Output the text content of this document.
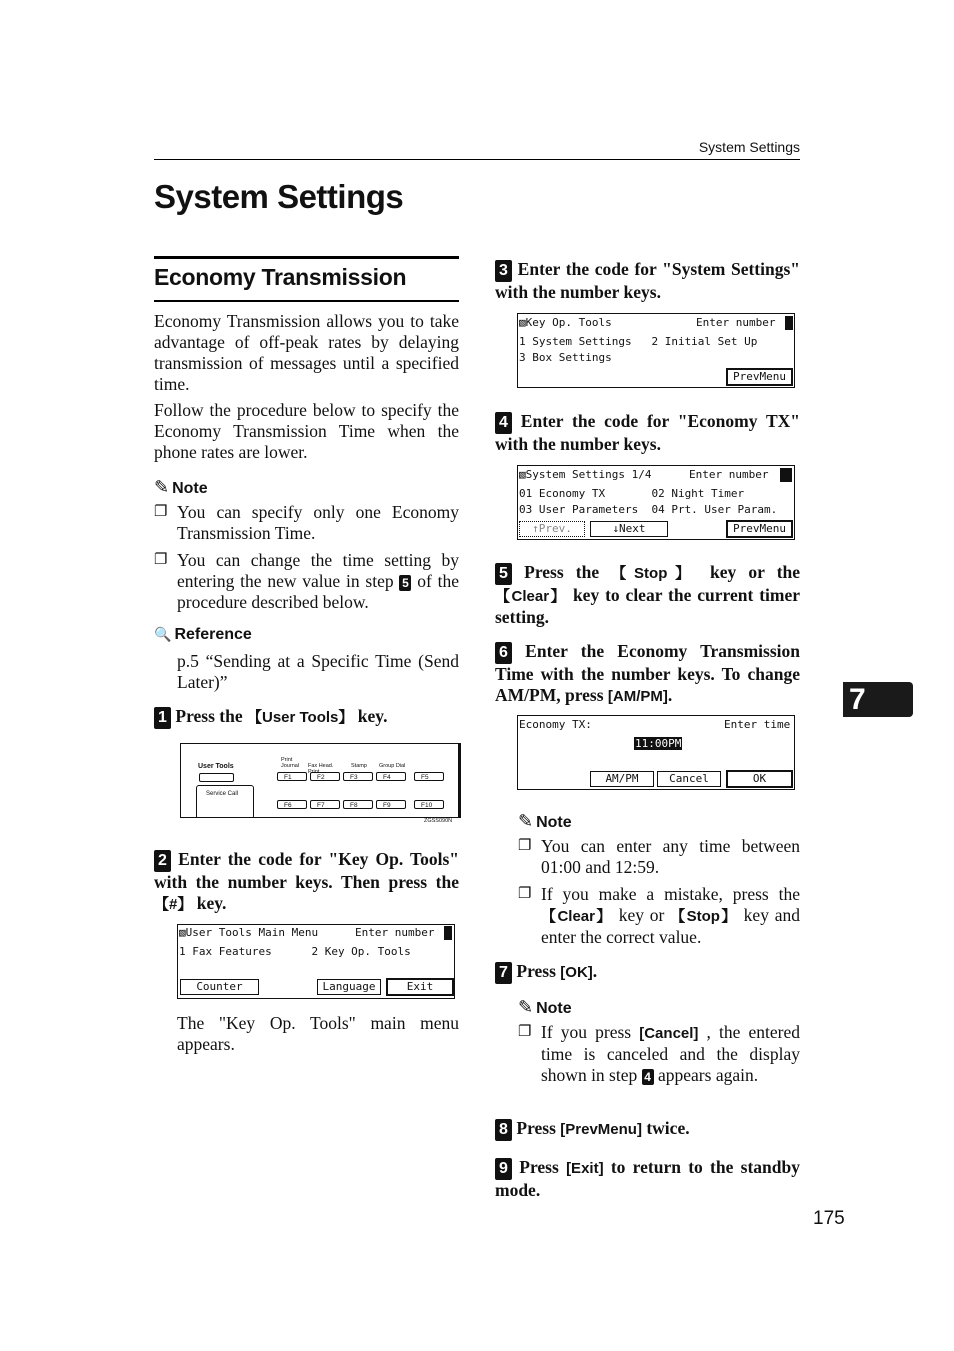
System Settings
System Settings
Economy Transmission
Economy Transmission allows you to take advantage of off-peak rates by delaying transmission of messages until a specified time.
Follow the procedure below to specify the Economy Transmission Time when the phone rates are lower.
✎ Note
❐ You can specify only one Economy Transmission Time.
❐ You can change the time setting by entering the new value in step 5 of the procedure described below.
🔍 Reference
p.5 “Sending at a Specific Time (Send Later)”
1 Press the 【User Tools】 key.
User Tools
Service Call
Print Journal	Fax Head. Print
Stamp Group Dial
F1	F2	F3	F4	F5
F6	F7	F8	F9	F10
ZGSS090N
2 Enter the code for "Key Op. Tools" with the number keys. Then press the 【#】 key.
▧User Tools Main Menu	Enter number
1 Fax Features      2 Key Op. Tools
Counter	Language	Exit
The "Key Op. Tools" main menu appears.
3 Enter the code for "System Settings" with the number keys.
▧Key Op. Tools	Enter number
1 System Settings   2 Initial Set Up
3 Box Settings
PrevMenu
4 Enter the code for "Economy TX" with the number keys.
▧System Settings 1/4	Enter number
01 Economy TX       02 Night Timer
03 User Parameters  04 Prt. User Param.
↑Prev.	↓Next	PrevMenu
5 Press the 【Stop】 key or the 【Clear】 key to clear the current timer setting.
6 Enter the Economy Transmission Time with the number keys. To change AM/PM, press [AM/PM].
Economy TX:	Enter time
11:00PM
AM/PM	Cancel	OK
✎ Note
❐ You can enter any time between 01:00 and 12:59.
❐ If you make a mistake, press the 【Clear】 key or 【Stop】 key and enter the correct value.
7 Press [OK].
✎ Note
❐ If you press [Cancel] , the entered time is canceled and the display shown in step 4 appears again.
8 Press [PrevMenu] twice.
9 Press [Exit] to return to the standby mode.
7
175
